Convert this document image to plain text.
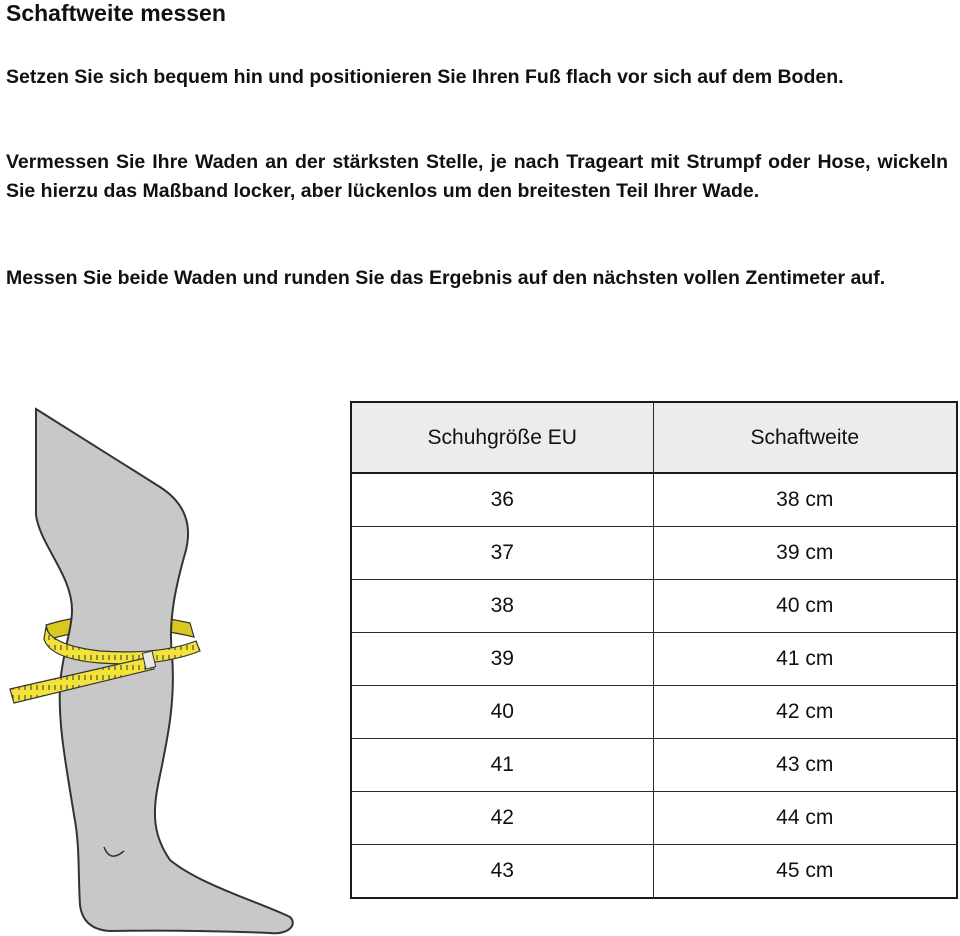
Schaftweite messen

Setzen Sie sich bequem hin und positionieren Sie Ihren Fuß flach vor sich auf dem Boden.

Vermessen Sie Ihre Waden an der stärksten Stelle, je nach Trageart mit Strumpf oder Hose, wickeln Sie hierzu das Maßband locker, aber lückenlos um den breitesten Teil Ihrer Wade.

Messen Sie beide Waden und runden Sie das Ergebnis auf den nächsten vollen Zentimeter auf.

Schuhgröße EU	Schaftweite
36	38 cm
37	39 cm
38	40 cm
39	41 cm
40	42 cm
41	43 cm
42	44 cm
43	45 cm
